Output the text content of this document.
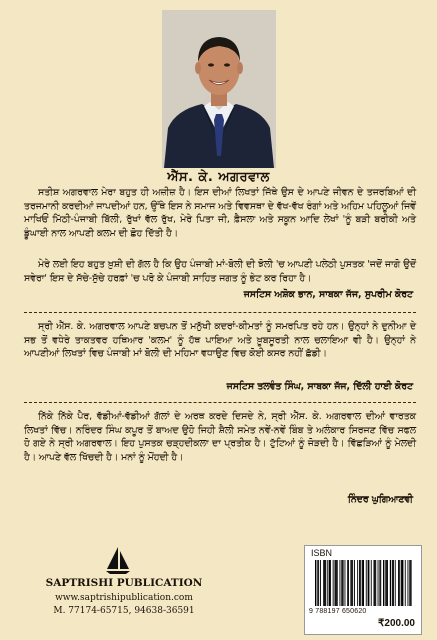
ਐੱਸ. ਕੇ. ਅਗਰਵਾਲ

ਸਤੀਸ਼ ਅਗਰਵਾਲ ਮੇਰਾ ਬਹੁਤ ਹੀ ਅਜ਼ੀਜ਼ ਹੈ। ਇਸ ਦੀਆਂ ਲਿਖਤਾਂ ਜਿੱਥੇ ਉਸ ਦੇ ਆਪਣੇ ਜੀਵਨ ਦੇ ਤਜਰਬਿਆਂ ਦੀ ਤਰਜਮਾਨੀ ਕਰਦੀਆਂ ਜਾਪਦੀਆਂ ਹਨ, ਉੱਥੇ ਇਸ ਨੇ ਸਮਾਜ ਅਤੇ ਵਿਵਸਥਾ ਦੇ ਵੱਖ-ਵੱਖ ਰੰਗਾਂ ਅਤੇ ਅਹਿਮ ਪਹਿਲੂਆਂ ਜਿਵੇਂ ਮਾਖਿਓਂ ਮਿੱਠੀ-ਪੰਜਾਬੀ ਬਿੱਲੀ, ਰੁੱਖਾਂ ਵੱਲ ਰੁੱਖ, ਮੇਰੇ ਪਿਤਾ ਜੀ, ਫ਼ੈਸਲਾ ਅਤੇ ਸਕੂਨ ਆਦਿ ਲੇਖਾਂ 'ਨੂੰ ਬੜੀ ਬਰੀਕੀ ਅਤੇ ਡੂੰਘਾਈ ਨਾਲ ਆਪਣੀ ਕਲਮ ਦੀ ਛੋਹ ਦਿੱਤੀ ਹੈ।

ਮੇਰੇ ਲਈ ਇਹ ਬਹੁਤ ਖ਼ੁਸ਼ੀ ਦੀ ਗੱਲ ਹੈ ਕਿ ਉਹ ਪੰਜਾਬੀ ਮਾਂ-ਬੋਲੀ ਦੀ ਝੋਲੀ 'ਚ ਆਪਣੀ ਪਲੇਠੀ ਪੁਸਤਕ 'ਜਦੋਂ ਜਾਗੋ ਉਦੋਂ ਸਵੇਰਾ' ਇਸ ਦੇ ਸੱਚੇ-ਸੁੱਚੇ ਹਰਫ਼ਾਂ 'ਚ ਪਰੋ ਕੇ ਪੰਜਾਬੀ ਸਾਹਿਤ ਜਗਤ ਨੂੰ ਭੇਟ ਕਰ ਰਿਹਾ ਹੈ।

ਜਸਟਿਸ ਅਸ਼ੋਕ ਭਾਨ, ਸਾਬਕਾ ਜੱਜ, ਸੁਪਰੀਮ ਕੋਰਟ

ਸ੍ਰੀ ਐੱਸ. ਕੇ. ਅਗਰਵਾਲ ਆਪਣੇ ਬਚਪਨ ਤੋਂ ਮਨੁੱਖੀ ਕਦਰਾਂ-ਕੀਮਤਾਂ ਨੂੰ ਸਮਰਪਿਤ ਰਹੇ ਹਨ। ਉਨ੍ਹਾਂ ਨੇ ਦੁਨੀਆ ਦੇ ਸਭ ਤੋਂ ਵਧੇਰੇ ਤਾਕਤਵਰ ਹਥਿਆਰ 'ਕਲਮ' ਨੂੰ ਹੱਥ ਪਾਇਆ ਅਤੇ ਖ਼ੂਬਸੂਰਤੀ ਨਾਲ ਚਲਾਇਆ ਵੀ ਹੈ। ਉਨ੍ਹਾਂ ਨੇ ਆਪਣੀਆਂ ਲਿਖਤਾਂ ਵਿਚ ਪੰਜਾਬੀ ਮਾਂ ਬੋਲੀ ਦੀ ਮਹਿਮਾ ਵਧਾਉਣ ਵਿਚ ਕੋਈ ਕਸਰ ਨਹੀਂ ਛੱਡੀ।

ਜਸਟਿਸ ਤਲਵੰਤ ਸਿੰਘ, ਸਾਬਕਾ ਜੱਜ, ਦਿੱਲੀ ਹਾਈ ਕੋਰਟ

ਨਿੱਕੇ ਨਿੱਕੇ ਪੈਰ, ਵੱਡੀਆਂ-ਵੱਡੀਆਂ ਗੱਲਾਂ ਦੇ ਅਰਥ ਕਰਦੇ ਦਿਸਦੇ ਨੇ, ਸ੍ਰੀ ਐੱਸ. ਕੇ. ਅਗਰਵਾਲ ਦੀਆਂ ਵਾਰਤਕ ਲਿਖਤਾਂ ਵਿੱਚ। ਨਰਿੰਦਰ ਸਿੰਘ ਕਪੂਰ ਤੋਂ ਬਾਅਦ ਉਹੋ ਜਿਹੀ ਸ਼ੈਲੀ ਸਮੇਤ ਨਵੇਂ-ਨਵੇਂ ਬਿੰਬ ਤੇ ਅਲੰਕਾਰ ਸਿਰਜਣ ਵਿੱਚ ਸਫਲ ਹੋ ਗਏ ਨੇ ਸ੍ਰੀ ਅਗਰਵਾਲ। ਇਹ ਪੁਸਤਕ ਚੜ੍ਹਦੀਕਲਾ ਦਾ ਪ੍ਰਤੀਕ ਹੈ। ਟੁੱਟਿਆਂ ਨੂੰ ਜੋੜਦੀ ਹੈ। ਵਿੱਛੜਿਆਂ ਨੂੰ ਮੇਲਦੀ ਹੈ। ਆਪਣੇ ਵੱਲ ਖਿੱਚਦੀ ਹੈ। ਮਨਾਂ ਨੂੰ ਮੋਂਹਦੀ ਹੈ।

ਨਿੰਦਰ ਘੁਗਿਆਣਵੀ
SAPTRISHI PUBLICATION
www.saptrishipublication.com
M. 77174-65715, 94638-36591
ISBN
9 788197 650620
₹200.00
